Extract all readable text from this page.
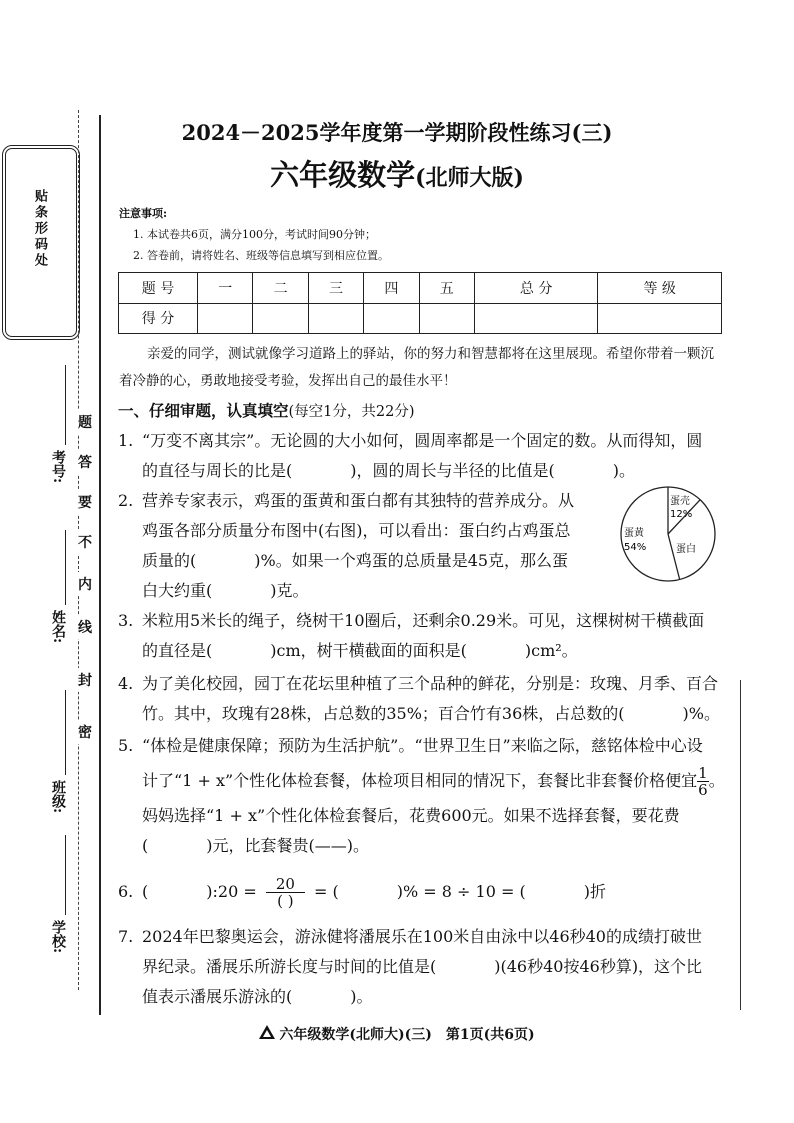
贴条形码处
题
答
要
不
内
线
封
密
考号:
姓名:
班级:
学校:
2024－2025学年度第一学期阶段性练习(三)
六年级数学(北师大版)

注意事项:

1. 本试卷共6页，满分100分，考试时间90分钟；

2. 答卷前，请将姓名、班级等信息填写到相应位置。

题 号	一	二	三	四	五	总 分	等 级
得 分							
亲爱的同学，测试就像学习道路上的驿站，你的努力和智慧都将在这里展现。希望你带着一颗沉着冷静的心，勇敢地接受考验，发挥出自己的最佳水平！
一、仔细审题，认真填空(每空1分，共22分)
1. “万变不离其宗”。无论圆的大小如何，圆周率都是一个固定的数。从而得知，圆
的直径与周长的比是(	)，圆的周长与半径的比值是(	)。
2. 营养专家表示，鸡蛋的蛋黄和蛋白都有其独特的营养成分。从
鸡蛋各部分质量分布图中(右图)，可以看出：蛋白约占鸡蛋总
质量的(	)%。如果一个鸡蛋的总质量是45克，那么蛋
白大约重(	)克。
蛋壳
12%
蛋黄
54%	蛋白
3. 米粒用5米长的绳子，绕树干10圈后，还剩余0.29米。可见，这棵树树干横截面
的直径是(	)cm，树干横截面的面积是(	)cm²。
4. 为了美化校园，园丁在花坛里种植了三个品种的鲜花，分别是：玫瑰、月季、百合
竹。其中，玫瑰有28株，占总数的35%；百合竹有36株，占总数的(	)%。
5. “体检是健康保障；预防为生活护航”。“世界卫生日”来临之际，慈铭体检中心设
计了“1 + x”个性化体检套餐，体检项目相同的情况下，套餐比非套餐价格便宜 $\frac{1}{6}$ 。
妈妈选择“1 + x”个性化体检套餐后，花费600元。如果不选择套餐，要花费
(	)元，比套餐贵(——)。
6. (	):20 = $\frac{20}{( )}$ = (	)% = 8 ÷ 10 = (	)折
7. 2024年巴黎奥运会，游泳健将潘展乐在100米自由泳中以46秒40的成绩打破世
界纪录。潘展乐所游长度与时间的比值是(	)(46秒40按46秒算)，这个比
值表示潘展乐游泳的(	)。
六年级数学(北师大)(三)　第1页(共6页)
